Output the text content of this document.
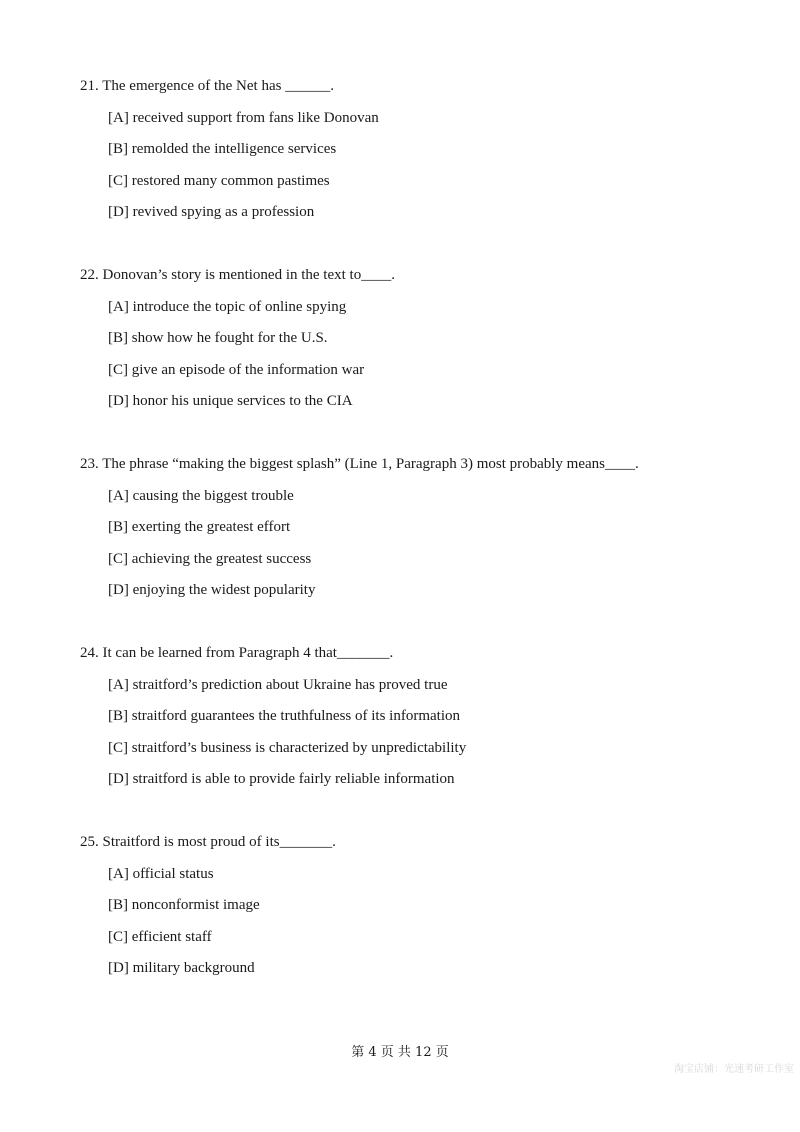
21. The emergence of the Net has ______.

[A] received support from fans like Donovan

[B] remolded the intelligence services

[C] restored many common pastimes

[D] revived spying as a profession

22. Donovan’s story is mentioned in the text to____.

[A] introduce the topic of online spying

[B] show how he fought for the U.S.

[C] give an episode of the information war

[D] honor his unique services to the CIA

23. The phrase “making the biggest splash” (Line 1, Paragraph 3) most probably means____.

[A] causing the biggest trouble

[B] exerting the greatest effort

[C] achieving the greatest success

[D] enjoying the widest popularity

24. It can be learned from Paragraph 4 that_______.

[A] straitford’s prediction about Ukraine has proved true

[B] straitford guarantees the truthfulness of its information

[C] straitford’s business is characterized by unpredictability

[D] straitford is able to provide fairly reliable information

25. Straitford is most proud of its_______.

[A] official status

[B] nonconformist image

[C] efficient staff

[D] military background

第 4 页 共 12 页
淘宝店铺：光速考研工作室
